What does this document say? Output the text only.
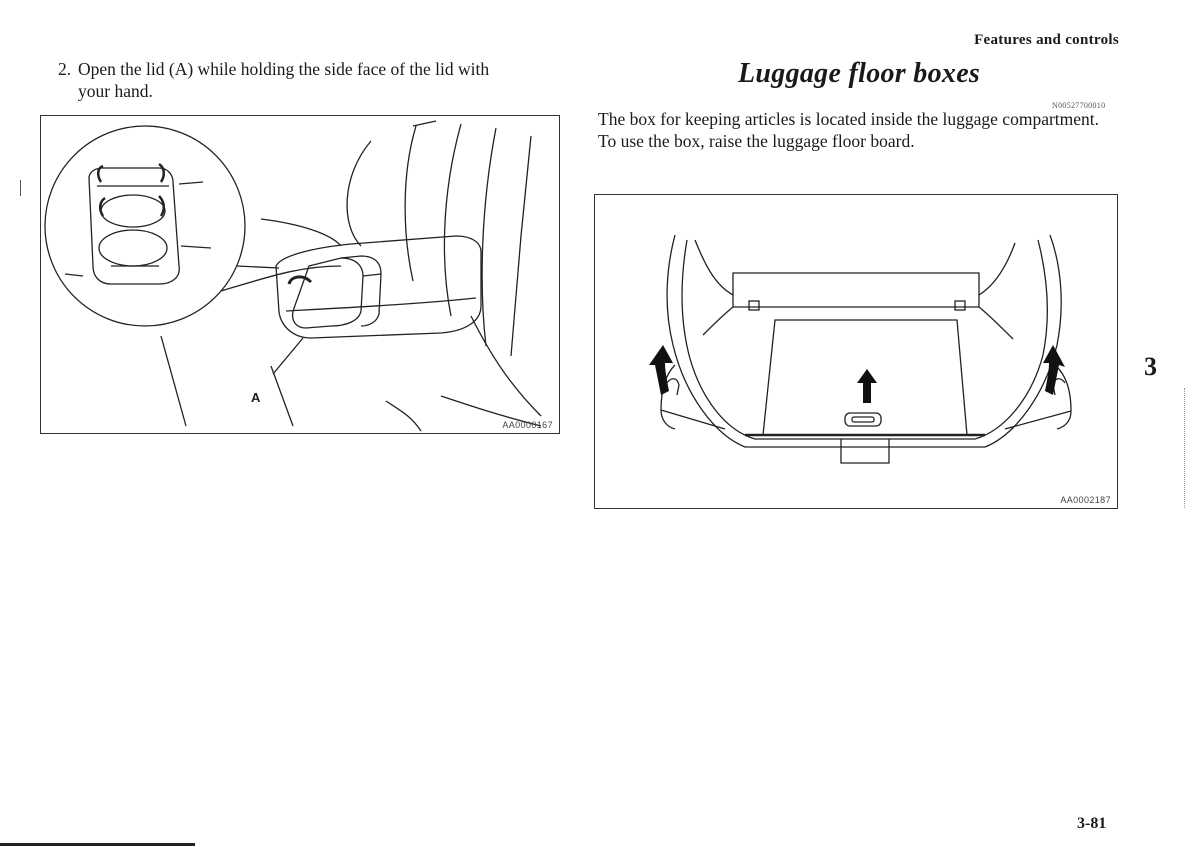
Features and controls
2. Open the lid (A) while holding the side face of the lid with
your hand.
A
AA0000167
Luggage floor boxes
N00527700010

The box for keeping articles is located inside the luggage compartment.

To use the box, raise the luggage floor board.

AA0002187
3
3-81
